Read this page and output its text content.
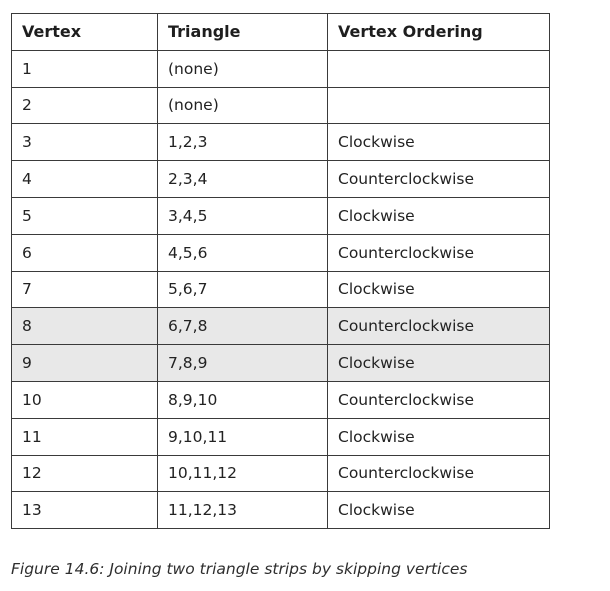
Vertex	Triangle	Vertex Ordering
1	(none)	
2	(none)	
3	1,2,3	Clockwise
4	2,3,4	Counterclockwise
5	3,4,5	Clockwise
6	4,5,6	Counterclockwise
7	5,6,7	Clockwise
8	6,7,8	Counterclockwise
9	7,8,9	Clockwise
10	8,9,10	Counterclockwise
11	9,10,11	Clockwise
12	10,11,12	Counterclockwise
13	11,12,13	Clockwise
Figure 14.6: Joining two triangle strips by skipping vertices
